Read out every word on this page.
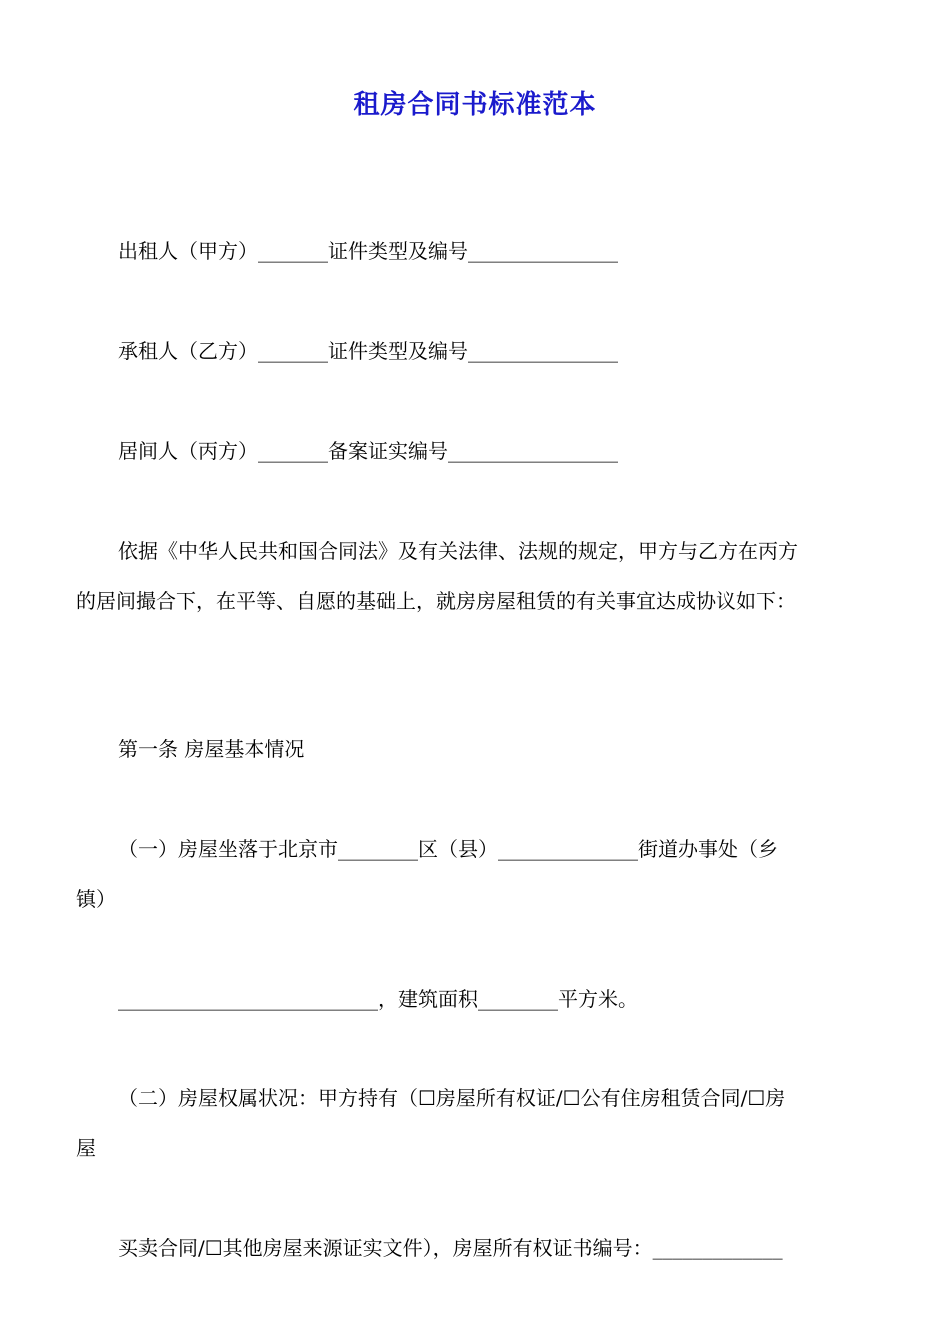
租房合同书标准范本
出租人（甲方）_______证件类型及编号_______________
承租人（乙方）_______证件类型及编号_______________
居间人（丙方）_______备案证实编号_________________
依据《中华人民共和国合同法》及有关法律、法规的规定，甲方与乙方在丙方
的居间撮合下，在平等、自愿的基础上，就房房屋租赁的有关事宜达成协议如下：
第一条 房屋基本情况
（一）房屋坐落于北京市________区（县）______________街道办事处（乡
镇）
__________________________，建筑面积________平方米。
（二）房屋权属状况：甲方持有（☐房屋所有权证/☐公有住房租赁合同/☐房
屋
买卖合同/☐其他房屋来源证实文件），房屋所有权证书编号：_____________
